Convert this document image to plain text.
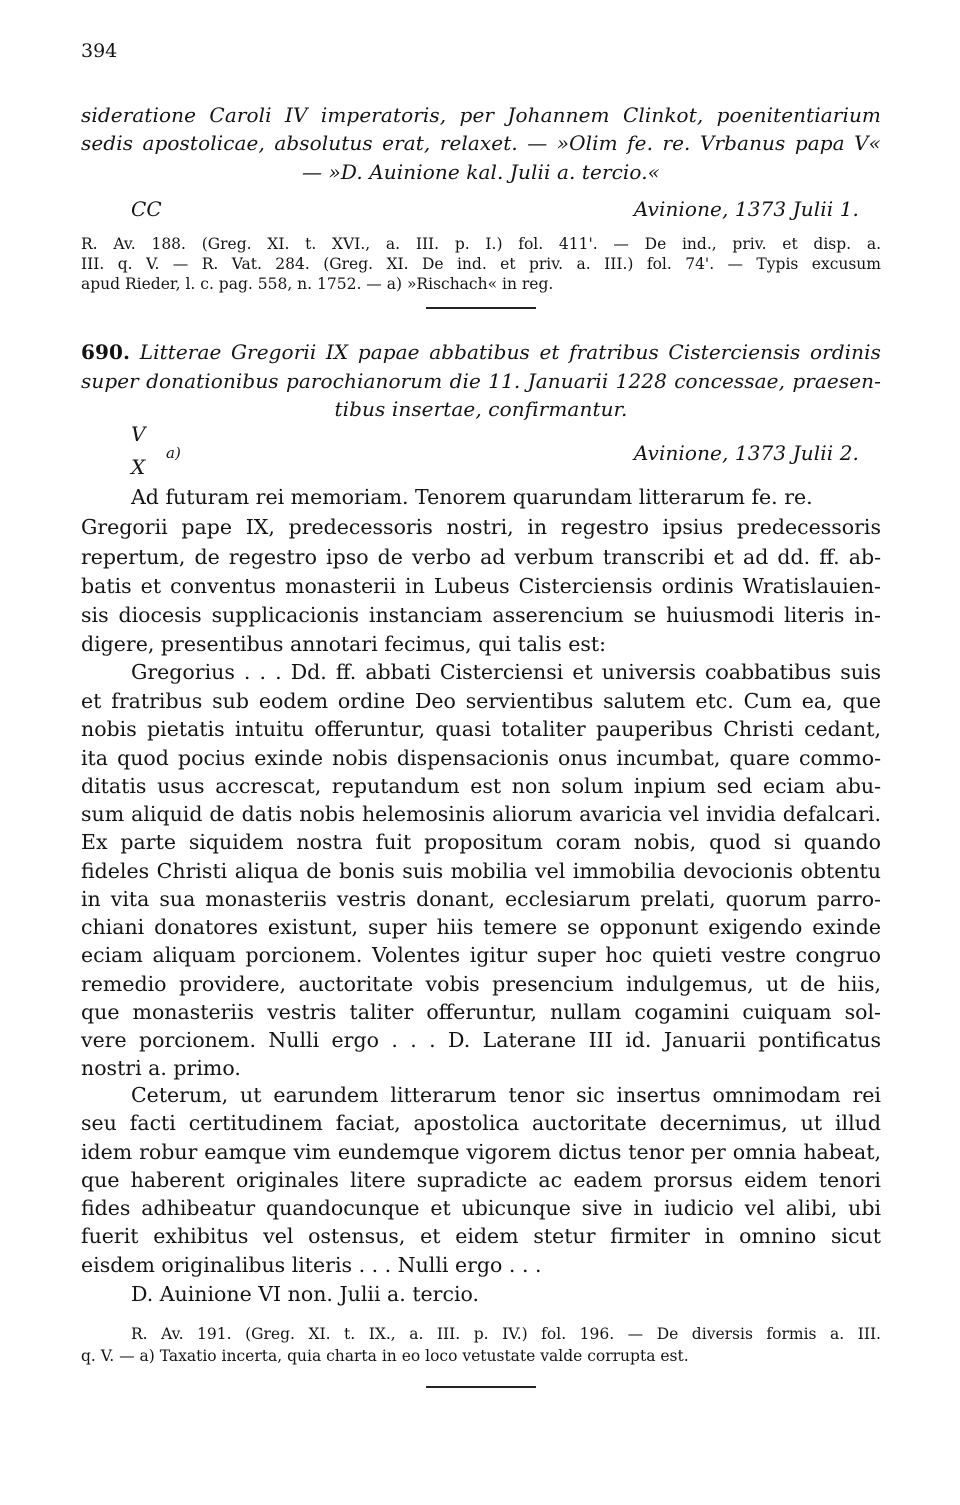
394
sideratione Caroli IV imperatoris, per Johannem Clinkot, poenitentiarium
sedis apostolicae, absolutus erat, relaxet. — »Olim fe. re. Vrbanus papa V«
— »D. Auinione kal. Julii a. tercio.«
CC	Avinione, 1373 Julii 1.
R. Av. 188. (Greg. XI. t. XVI., a. III. p. I.) fol. 411'. — De ind., priv. et disp. a.
III. q. V. — R. Vat. 284. (Greg. XI. De ind. et priv. a. III.) fol. 74'. — Typis excusum
apud Rieder, l. c. pag. 558, n. 1752. — a) »Rischach« in reg.
690. Litterae Gregorii IX papae abbatibus et fratribus Cisterciensis ordinis
super donationibus parochianorum die 11. Januarii 1228 concessae, praesen-
tibus insertae, confirmantur.
V
X
a)	Avinione, 1373 Julii 2.
Ad futuram rei memoriam. Tenorem quarundam litterarum fe. re.
Gregorii pape IX, predecessoris nostri, in regestro ipsius predecessoris
repertum, de regestro ipso de verbo ad verbum transcribi et ad dd. ff. ab-
batis et conventus monasterii in Lubeus Cisterciensis ordinis Wratislauien-
sis diocesis supplicacionis instanciam asserencium se huiusmodi literis in-
digere, presentibus annotari fecimus, qui talis est:
Gregorius . . . Dd. ff. abbati Cisterciensi et universis coabbatibus suis
et fratribus sub eodem ordine Deo servientibus salutem etc. Cum ea, que
nobis pietatis intuitu offeruntur, quasi totaliter pauperibus Christi cedant,
ita quod pocius exinde nobis dispensacionis onus incumbat, quare commo-
ditatis usus accrescat, reputandum est non solum inpium sed eciam abu-
sum aliquid de datis nobis helemosinis aliorum avaricia vel invidia defalcari.
Ex parte siquidem nostra fuit propositum coram nobis, quod si quando
fideles Christi aliqua de bonis suis mobilia vel immobilia devocionis obtentu
in vita sua monasteriis vestris donant, ecclesiarum prelati, quorum parro-
chiani donatores existunt, super hiis temere se opponunt exigendo exinde
eciam aliquam porcionem. Volentes igitur super hoc quieti vestre congruo
remedio providere, auctoritate vobis presencium indulgemus, ut de hiis,
que monasteriis vestris taliter offeruntur, nullam cogamini cuiquam sol-
vere porcionem. Nulli ergo . . . D. Laterane III id. Januarii pontificatus
nostri a. primo.
Ceterum, ut earundem litterarum tenor sic insertus omnimodam rei
seu facti certitudinem faciat, apostolica auctoritate decernimus, ut illud
idem robur eamque vim eundemque vigorem dictus tenor per omnia habeat,
que haberent originales litere supradicte ac eadem prorsus eidem tenori
fides adhibeatur quandocunque et ubicunque sive in iudicio vel alibi, ubi
fuerit exhibitus vel ostensus, et eidem stetur firmiter in omnino sicut
eisdem originalibus literis . . . Nulli ergo . . .
D. Auinione VI non. Julii a. tercio.
R. Av. 191. (Greg. XI. t. IX., a. III. p. IV.) fol. 196. — De diversis formis a. III.
q. V. — a) Taxatio incerta, quia charta in eo loco vetustate valde corrupta est.
